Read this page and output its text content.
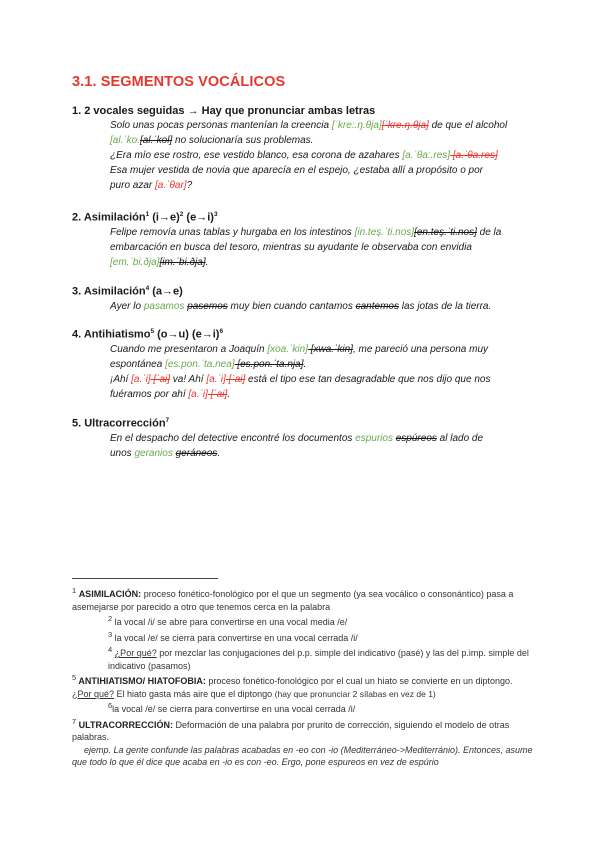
3.1. SEGMENTOS VOCÁLICOS
1. 2 vocales seguidas → Hay que pronunciar ambas letras
Solo unas pocas personas mantenían la creencia [ˈkre:.ŋ.θja][ˈkre.ŋ.θja] de que el alcohol
[al.ˈko.[al.ˈkol] no solucionaría sus problemas.
¿Era mío ese rostro, ese vestido blanco, esa corona de azahares [a.ˈθa:.res] [a.ˈθa.res]
Esa mujer vestida de novia que aparecía en el espejo, ¿estaba allí a propósito o por
puro azar [a.ˈθar]?
2. Asimilación$^1$ $(i\to e)^2$ $(e\to i)^3$
Felipe removía unas tablas y hurgaba en los intestinos [in.teș.ˈti.nos][en.teș.ˈti.nos] de la
embarcación en busca del tesoro, mientras su ayudante le observaba con envidia
[em.ˈbi.ðja][im.ˈbi.ðja].
3. Asimilación$^4$ (a→e)
Ayer lo pasamos pasemos muy bien cuando cantamos cantemos las jotas de la tierra.
4. Antihiatismo$^5$ (o→u) $(e\to i)^6$
Cuando me presentaron a Joaquín [xoa.ˈkin] [xwa.ˈkin], me pareció una persona muy
espontánea [es.pon.ˈta.nea] [es.pon.ˈta.nja].
¡Ahí [a.ˈi] [ˈai] va! Ahí [a.ˈi] [ˈai] está el tipo ese tan desagradable que nos dijo que nos
fuéramos por ahí [a.ˈi] [ˈai].
5. Ultracorrección$^7$
En el despacho del detective encontré los documentos espurios espúreos al lado de
unos geranios geráneos.
$^1$ ASIMILACIÓN: proceso fonético-fonológico por el que un segmento (ya sea vocálico o consonántico) pasa a asemejarse por parecido a otro que tenemos cerca en la palabra
$^2$ la vocal /i/ se abre para convertirse en una vocal media /e/
$^3$ la vocal /e/ se cierra para convertirse en una vocal cerrada /i/
$^4$ ¿Por qué? por mezclar las conjugaciones del p.p. simple del indicativo (pasé) y las del p.imp. simple del indicativo (pasamos)
$^5$ ANTIHIATISMO/ HIATOFOBIA: proceso fonético-fonológico por el cual un hiato se convierte en un diptongo.
¿Por qué? El hiato gasta más aire que el diptongo (hay que pronunciar 2 sílabas en vez de 1)
$^6$la vocal /e/ se cierra para convertirse en una vocal cerrada /i/
$^7$ ULTRACORRECCIÓN: Deformación de una palabra por prurito de corrección, siguiendo el modelo de otras palabras.
ejemp. La gente confunde las palabras acabadas en -eo con -io (Mediterráneo->Mediterránio). Entonces, asume que todo lo que él dice que acaba en -io es con -eo. Ergo, pone espureos en vez de espúrio
